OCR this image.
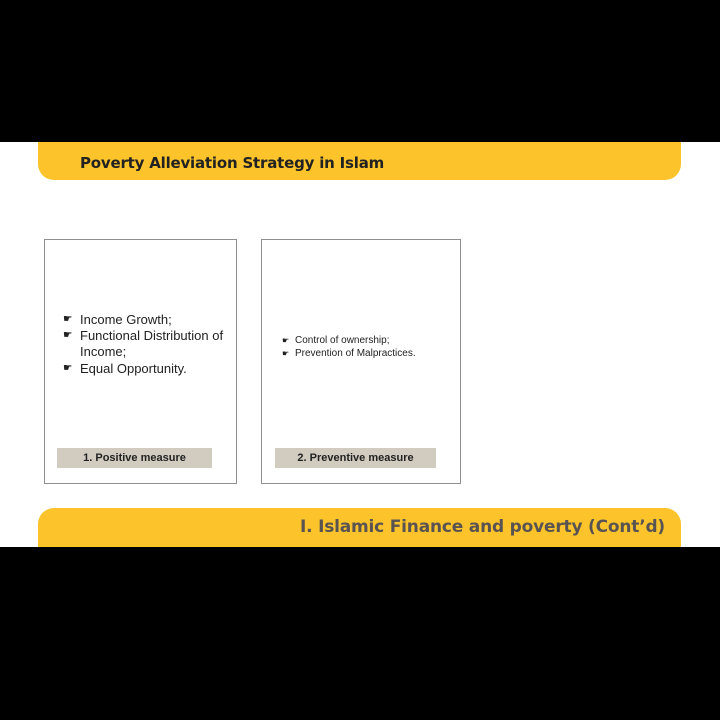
Poverty Alleviation Strategy in Islam
☛ Income Growth;
☛ Functional Distribution of Income;
☛ Equal Opportunity.
1. Positive measure
☛ Control of ownership;
☛ Prevention of Malpractices.
2. Preventive measure
I. Islamic Finance and poverty (Cont’d)
